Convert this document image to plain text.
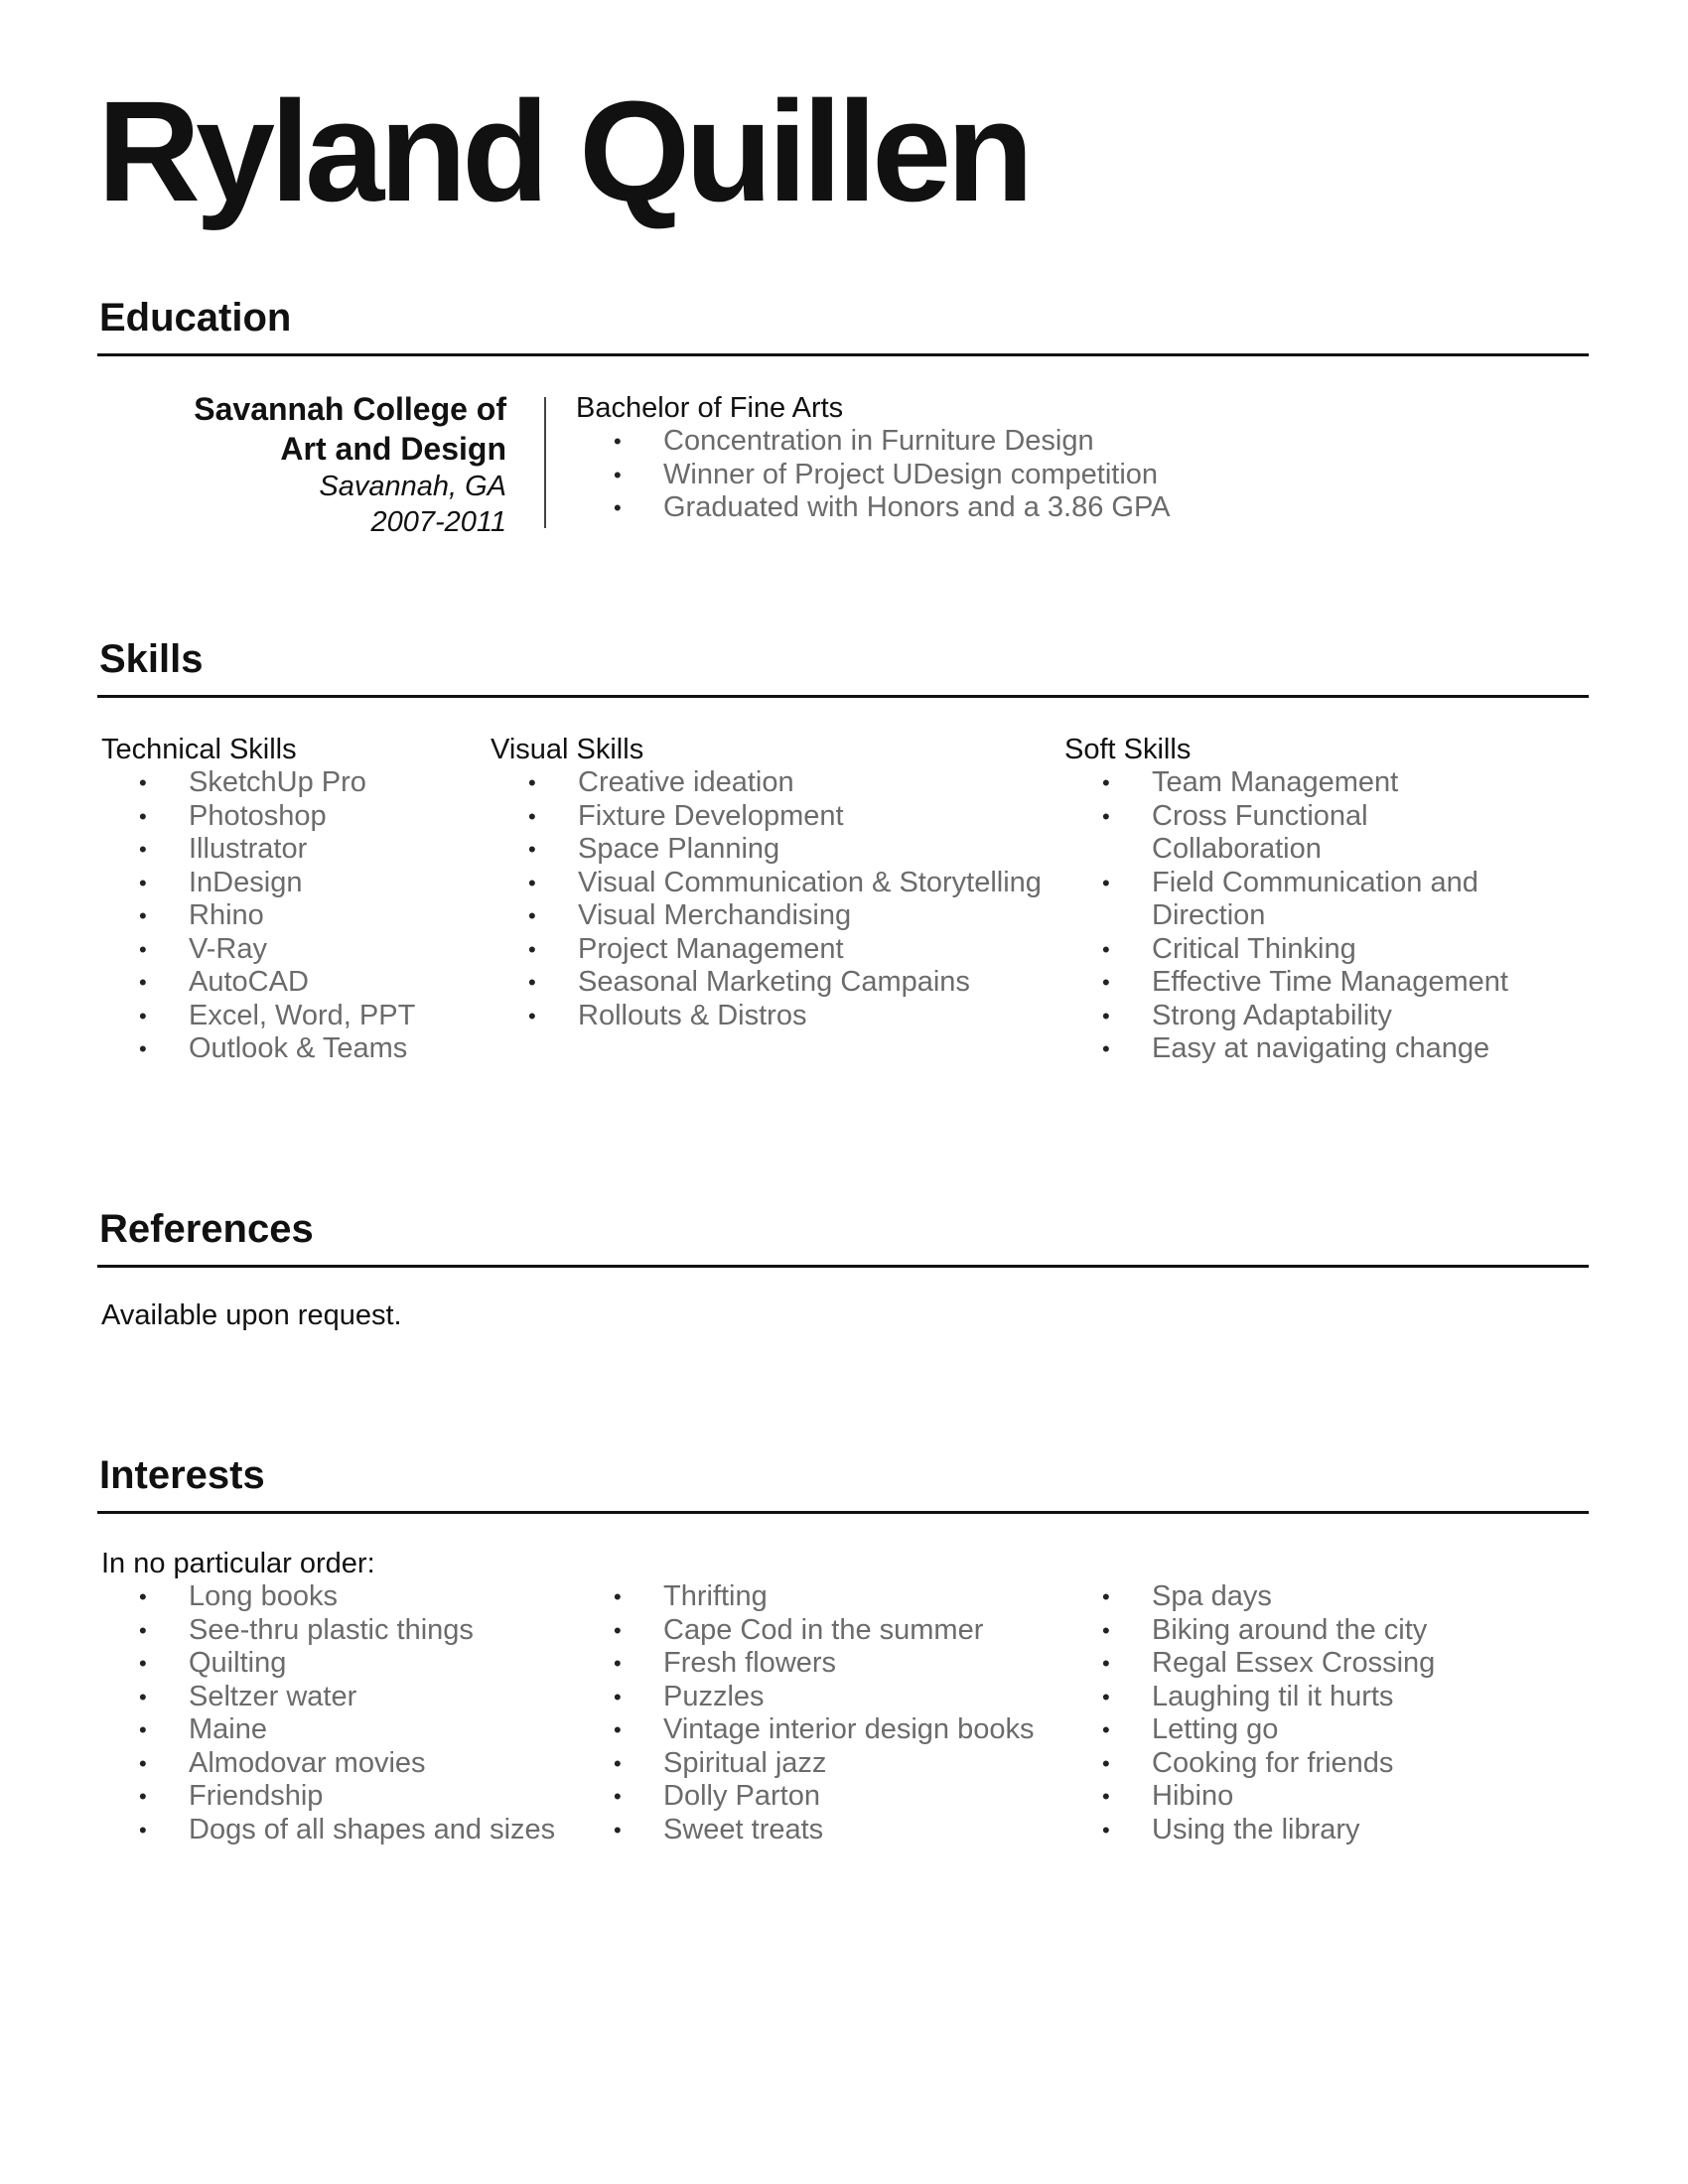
Ryland Quillen
Education
Savannah College of
Art and Design
Savannah, GA
2007-2011
Bachelor of Fine Arts
• Concentration in Furniture Design
• Winner of Project UDesign competition
• Graduated with Honors and a 3.86 GPA
Skills
Technical Skills
• SketchUp Pro
• Photoshop
• Illustrator
• InDesign
• Rhino
• V-Ray
• AutoCAD
• Excel, Word, PPT
• Outlook & Teams
Visual Skills
• Creative ideation
• Fixture Development
• Space Planning
• Visual Communication & Storytelling
• Visual Merchandising
• Project Management
• Seasonal Marketing Campains
• Rollouts & Distros
Soft Skills
• Team Management
• Cross Functional Collaboration
• Field Communication and Direction
• Critical Thinking
• Effective Time Management
• Strong Adaptability
• Easy at navigating change
References
Available upon request.
Interests
In no particular order:
• Long books
• See-thru plastic things
• Quilting
• Seltzer water
• Maine
• Almodovar movies
• Friendship
• Dogs of all shapes and sizes
• Thrifting
• Cape Cod in the summer
• Fresh flowers
• Puzzles
• Vintage interior design books
• Spiritual jazz
• Dolly Parton
• Sweet treats
• Spa days
• Biking around the city
• Regal Essex Crossing
• Laughing til it hurts
• Letting go
• Cooking for friends
• Hibino
• Using the library
